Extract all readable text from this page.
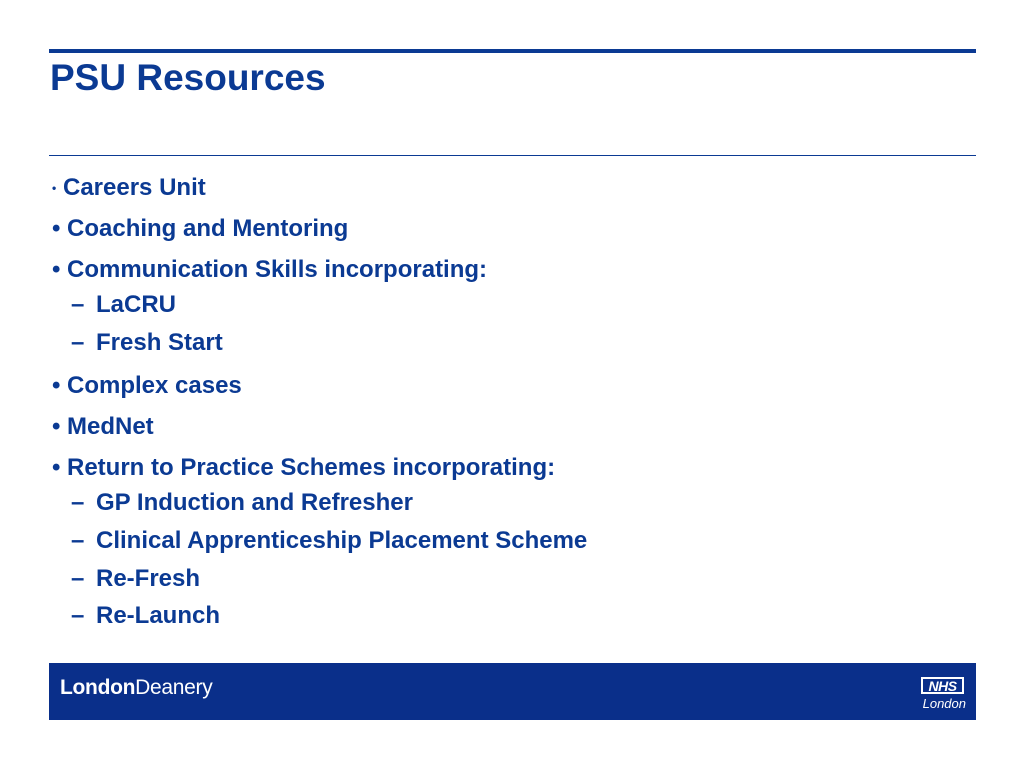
PSU Resources
• Careers Unit
• Coaching and Mentoring
• Communication Skills incorporating:
– LaCRU
– Fresh Start
• Complex cases
• MedNet
• Return to Practice Schemes incorporating:
– GP Induction and Refresher
– Clinical Apprenticeship Placement Scheme
– Re-Fresh
– Re-Launch
LondonDeanery	NHS
London
